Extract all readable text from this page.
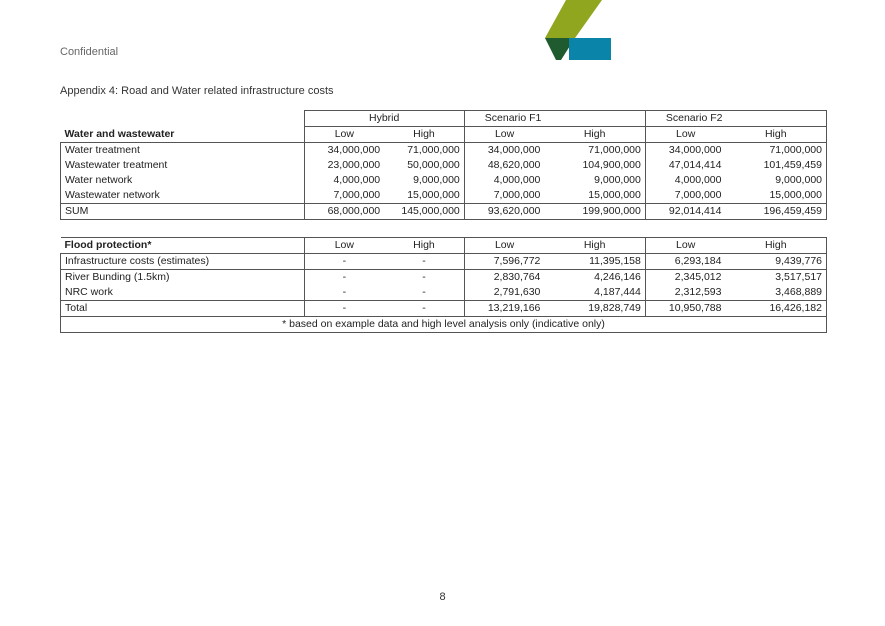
Confidential
Appendix 4: Road and Water related infrastructure costs
	Hybrid		Scenario F1		Scenario F2	
Water and wastewater	Low	High	Low	High	Low	High
Water treatment	34,000,000	71,000,000	34,000,000	71,000,000	34,000,000	71,000,000
Wastewater treatment	23,000,000	50,000,000	48,620,000	104,900,000	47,014,414	101,459,459
Water network	4,000,000	9,000,000	4,000,000	9,000,000	4,000,000	9,000,000
Wastewater network	7,000,000	15,000,000	7,000,000	15,000,000	7,000,000	15,000,000
SUM	68,000,000	145,000,000	93,620,000	199,900,000	92,014,414	196,459,459
Flood protection*	Low	High	Low	High	Low	High
Infrastructure costs (estimates)	-	-	7,596,772	11,395,158	6,293,184	9,439,776
River Bunding (1.5km)	-	-	2,830,764	4,246,146	2,345,012	3,517,517
NRC work	-	-	2,791,630	4,187,444	2,312,593	3,468,889
Total	-	-	13,219,166	19,828,749	10,950,788	16,426,182
* based on example data and high level analysis only (indicative only)						
8
